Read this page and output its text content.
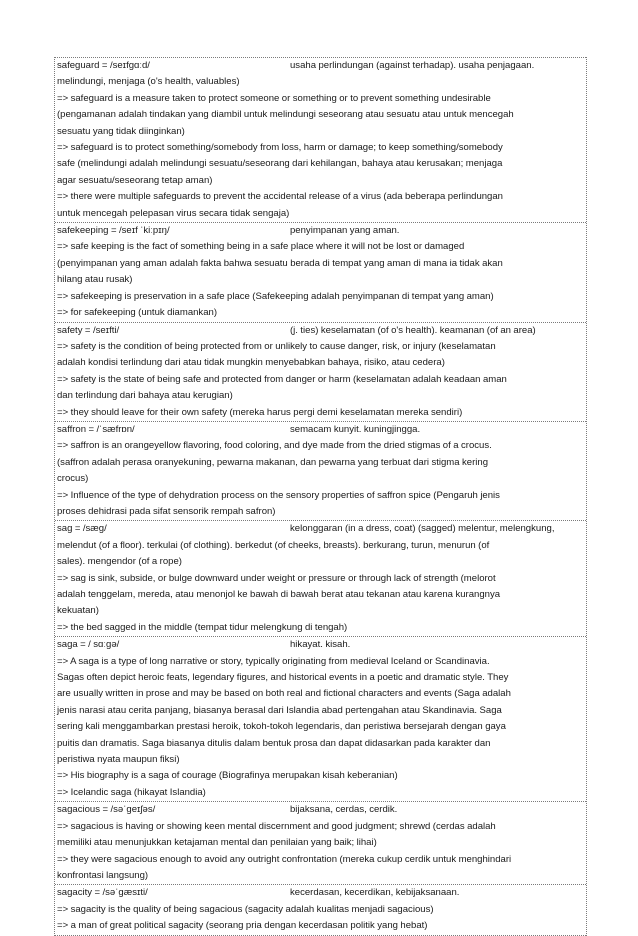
safeguard = /seɪfɡɑːd/	usaha perlindungan (against terhadap). usaha penjagaan.
melindungi, menjaga (o's health, valuables)
=> safeguard is a measure taken to protect someone or something or to prevent something undesirable
(pengamanan adalah tindakan yang diambil untuk melindungi seseorang atau sesuatu atau untuk mencegah
sesuatu yang tidak diinginkan)
=> safeguard is to protect something/somebody from loss, harm or damage; to keep something/somebody
safe (melindungi adalah melindungi sesuatu/seseorang dari kehilangan, bahaya atau kerusakan; menjaga
agar sesuatu/seseorang tetap aman)
=> there were multiple safeguards to prevent the accidental release of a virus (ada beberapa perlindungan
untuk mencegah pelepasan virus secara tidak sengaja)
safekeeping = /seɪf ˈkiːpɪŋ/	penyimpanan yang aman.
=> safe keeping is the fact of something being in a safe place where it will not be lost or damaged
(penyimpanan yang aman adalah fakta bahwa sesuatu berada di tempat yang aman di mana ia tidak akan
hilang atau rusak)
=> safekeeping is preservation in a safe place (Safekeeping adalah penyimpanan di tempat yang aman)
=> for safekeeping (untuk diamankan)
safety = /seɪfti/	(j. ties) keselamatan (of o's health). keamanan (of an area)
=> safety is the condition of being protected from or unlikely to cause danger, risk, or injury (keselamatan
adalah kondisi terlindung dari atau tidak mungkin menyebabkan bahaya, risiko, atau cedera)
=> safety is the state of being safe and protected from danger or harm (keselamatan adalah keadaan aman
dan terlindung dari bahaya atau kerugian)
=> they should leave for their own safety (mereka harus pergi demi keselamatan mereka sendiri)
saffron = /ˈsæfrɒn/	semacam kunyit. kuningjingga.
=> saffron is an orangeyellow flavoring, food coloring, and dye made from the dried stigmas of a crocus.
(saffron adalah perasa oranyekuning, pewarna makanan, dan pewarna yang terbuat dari stigma kering
crocus)
=> Influence of the type of dehydration process on the sensory properties of saffron spice (Pengaruh jenis
proses dehidrasi pada sifat sensorik rempah safron)
sag = /sæɡ/	kelonggaran (in a dress, coat) (sagged) melentur, melengkung,
melendut (of a floor). terkulai (of clothing). berkedut (of cheeks, breasts). berkurang, turun, menurun (of
sales). mengendor (of a rope)
=> sag is sink, subside, or bulge downward under weight or pressure or through lack of strength (melorot
adalah tenggelam, mereda, atau menonjol ke bawah di bawah berat atau tekanan atau karena kurangnya
kekuatan)
=> the bed sagged in the middle (tempat tidur melengkung di tengah)
saga = / sɑːɡə/	hikayat. kisah.
=> A saga is a type of long narrative or story, typically originating from medieval Iceland or Scandinavia.
Sagas often depict heroic feats, legendary figures, and historical events in a poetic and dramatic style. They
are usually written in prose and may be based on both real and fictional characters and events (Saga adalah
jenis narasi atau cerita panjang, biasanya berasal dari Islandia abad pertengahan atau Skandinavia. Saga
sering kali menggambarkan prestasi heroik, tokoh-tokoh legendaris, dan peristiwa bersejarah dengan gaya
puitis dan dramatis. Saga biasanya ditulis dalam bentuk prosa dan dapat didasarkan pada karakter dan
peristiwa nyata maupun fiksi)
=> His biography is a saga of courage (Biografinya merupakan kisah keberanian)
=> Icelandic saga (hikayat Islandia)
sagacious = /səˈɡeɪʃəs/	bijaksana, cerdas, cerdik.
=> sagacious is having or showing keen mental discernment and good judgment; shrewd (cerdas adalah
memiliki atau menunjukkan ketajaman mental dan penilaian yang baik; lihai)
=> they were sagacious enough to avoid any outright confrontation (mereka cukup cerdik untuk menghindari
konfrontasi langsung)
sagacity = /səˈɡæsɪti/	kecerdasan, kecerdikan, kebijaksanaan.
=> sagacity is the quality of being sagacious (sagacity adalah kualitas menjadi sagacious)
=> a man of great political sagacity (seorang pria dengan kecerdasan politik yang hebat)
